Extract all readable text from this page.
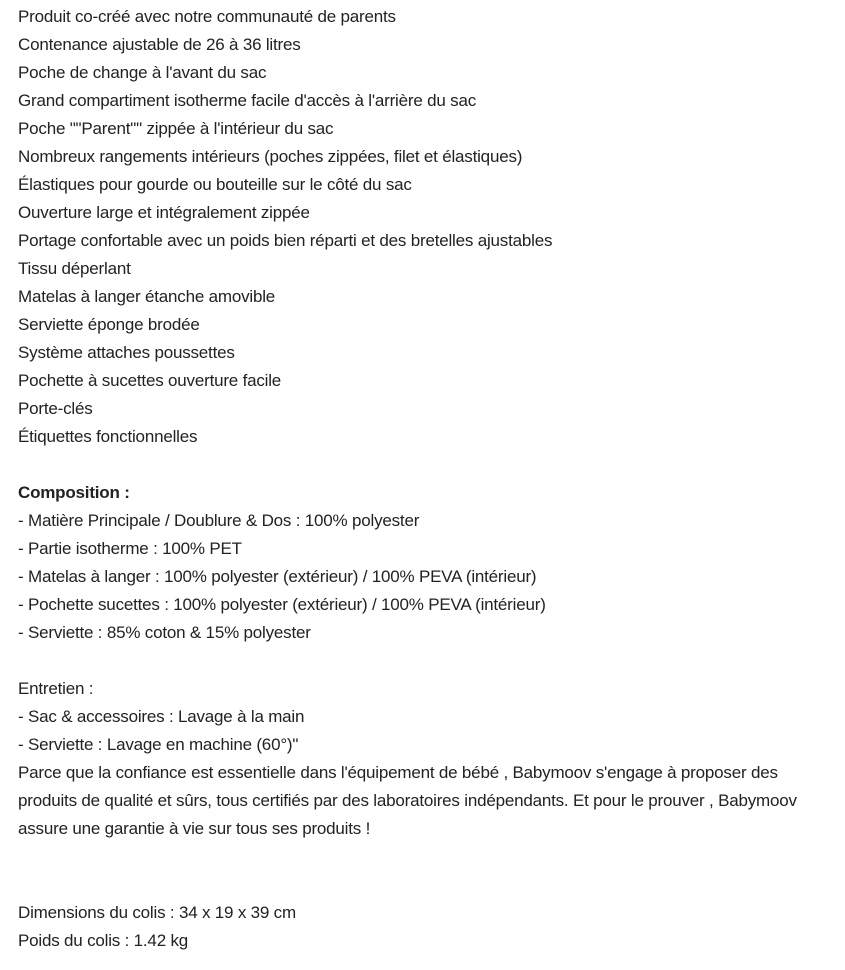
Produit co-créé avec notre communauté de parents
Contenance ajustable de 26 à 36 litres
Poche de change à l'avant du sac
Grand compartiment isotherme facile d'accès à l'arrière du sac
Poche ""Parent"" zippée à l'intérieur du sac
Nombreux rangements intérieurs (poches zippées, filet et élastiques)
Élastiques pour gourde ou bouteille sur le côté du sac
Ouverture large et intégralement zippée
Portage confortable avec un poids bien réparti et des bretelles ajustables
Tissu déperlant
Matelas à langer étanche amovible
Serviette éponge brodée
Système attaches poussettes
Pochette à sucettes ouverture facile
Porte-clés
Étiquettes fonctionnelles
Composition :
- Matière Principale / Doublure & Dos : 100% polyester
- Partie isotherme : 100% PET
- Matelas à langer : 100% polyester (extérieur) / 100% PEVA (intérieur)
- Pochette sucettes : 100% polyester (extérieur) / 100% PEVA (intérieur)
- Serviette : 85% coton & 15% polyester
Entretien :
- Sac & accessoires : Lavage à la main
- Serviette : Lavage en machine (60°)"
Parce que la confiance est essentielle dans l'équipement de bébé , Babymoov s'engage à proposer des produits de qualité et sûrs, tous certifiés par des laboratoires indépendants. Et pour le prouver , Babymoov assure une garantie à vie sur tous ses produits !
Dimensions du colis : 34 x 19 x 39 cm
Poids du colis : 1.42 kg
